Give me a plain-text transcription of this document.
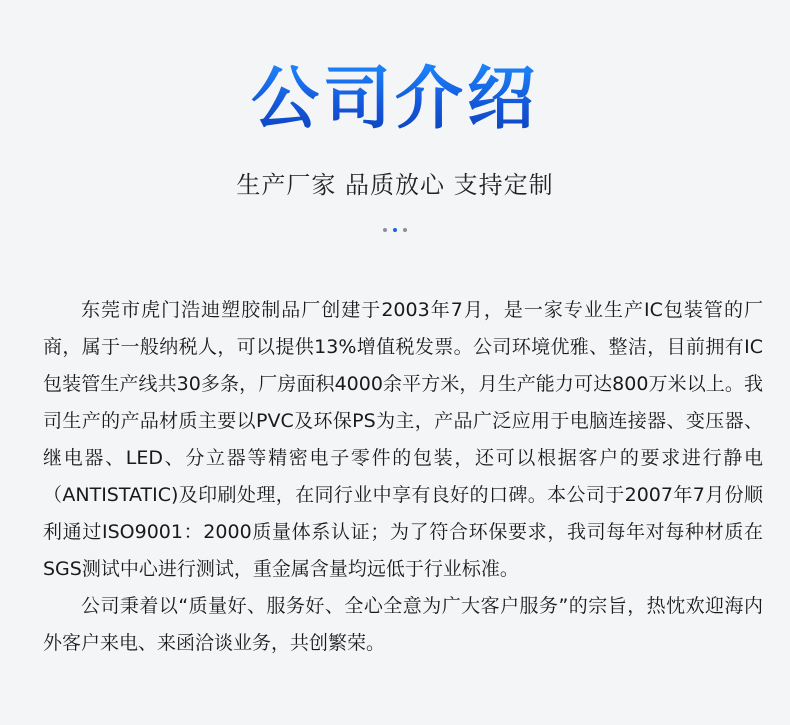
公司介绍
生产厂家 品质放心 支持定制

东莞市虎门浩迪塑胶制品厂创建于2003年7月，是一家专业生产IC包装管的厂商，属于一般纳税人，可以提供13%增值税发票。公司环境优雅、整洁，目前拥有IC包装管生产线共30多条，厂房面积4000余平方米，月生产能力可达800万米以上。我司生产的产品材质主要以PVC及环保PS为主，产品广泛应用于电脑连接器、变压器、继电器、LED、分立器等精密电子零件的包装，还可以根据客户的要求进行静电（ANTISTATIC)及印刷处理，在同行业中享有良好的口碑。本公司于2007年7月份顺利通过ISO9001：2000质量体系认证；为了符合环保要求，我司每年对每种材质在SGS测试中心进行测试，重金属含量均远低于行业标准。

公司秉着以“质量好、服务好、全心全意为广大客户服务”的宗旨，热忱欢迎海内外客户来电、来函洽谈业务，共创繁荣。
